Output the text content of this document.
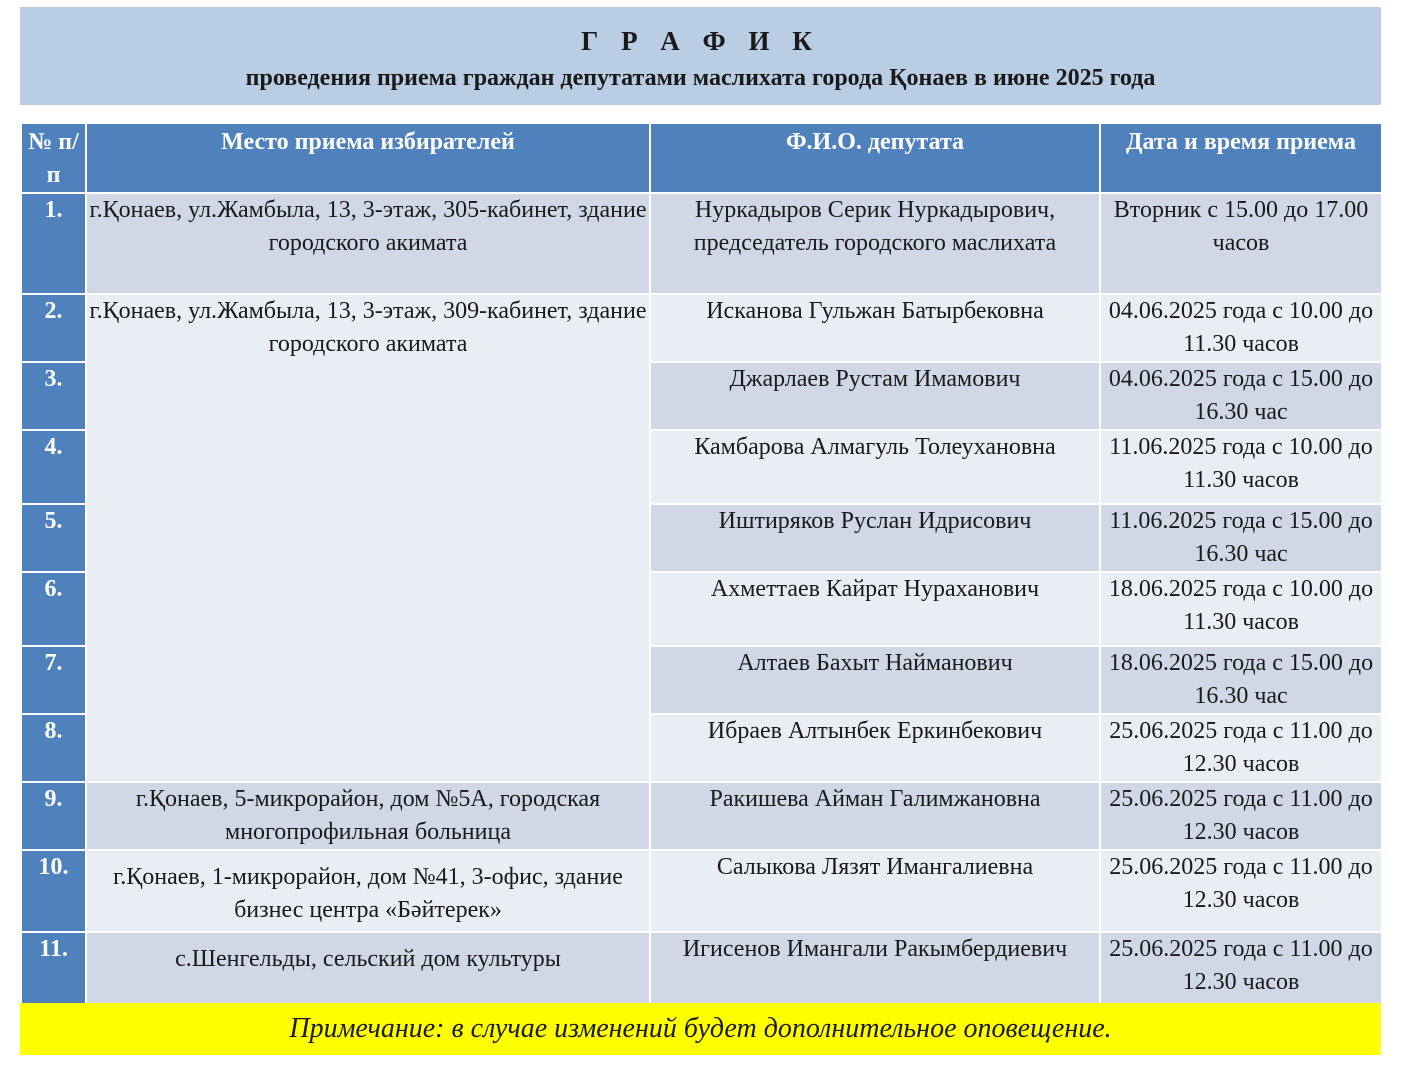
Г Р А Ф И К
проведения приема граждан депутатами маслихата города Қонаев в июне 2025 года
№ п/п	Место приема избирателей	Ф.И.О. депутата	Дата и время приема
1.	г.Қонаев, ул.Жамбыла, 13, 3-этаж, 305-кабинет, здание городского акимата	Нуркадыров Серик Нуркадырович, председатель городского маслихата	Вторник с 15.00 до 17.00 часов
2.	г.Қонаев, ул.Жамбыла, 13, 3-этаж, 309-кабинет, здание городского акимата	Исканова Гульжан Батырбековна	04.06.2025 года с 10.00 до 11.30 часов
3.		Джарлаев Рустам Имамович	04.06.2025 года с 15.00 до 16.30 час
4.		Камбарова Алмагуль Толеухановна	11.06.2025 года с 10.00 до 11.30 часов
5.		Иштиряков Руслан Идрисович	11.06.2025 года с 15.00 до 16.30 час
6.		Ахметтаев Кайрат Нураханович	18.06.2025 года с 10.00 до 11.30 часов
7.		Алтаев Бахыт Найманович	18.06.2025 года с 15.00 до 16.30 час
8.		Ибраев Алтынбек Еркинбекович	25.06.2025 года с 11.00 до 12.30 часов
9.	г.Қонаев, 5-микрорайон, дом №5А, городская многопрофильная больница	Ракишева Айман Галимжановна	25.06.2025 года с 11.00 до 12.30 часов
10.	г.Қонаев, 1-микрорайон, дом №41, 3-офис, здание бизнес центра «Бәйтерек»	Салыкова Лязят Имангалиевна	25.06.2025 года с 11.00 до 12.30 часов
11.	с.Шенгельды, сельский дом культуры	Игисенов Имангали Ракымбердиевич	25.06.2025 года с 11.00 до 12.30 часов
Примечание: в случае изменений будет дополнительное оповещение.
